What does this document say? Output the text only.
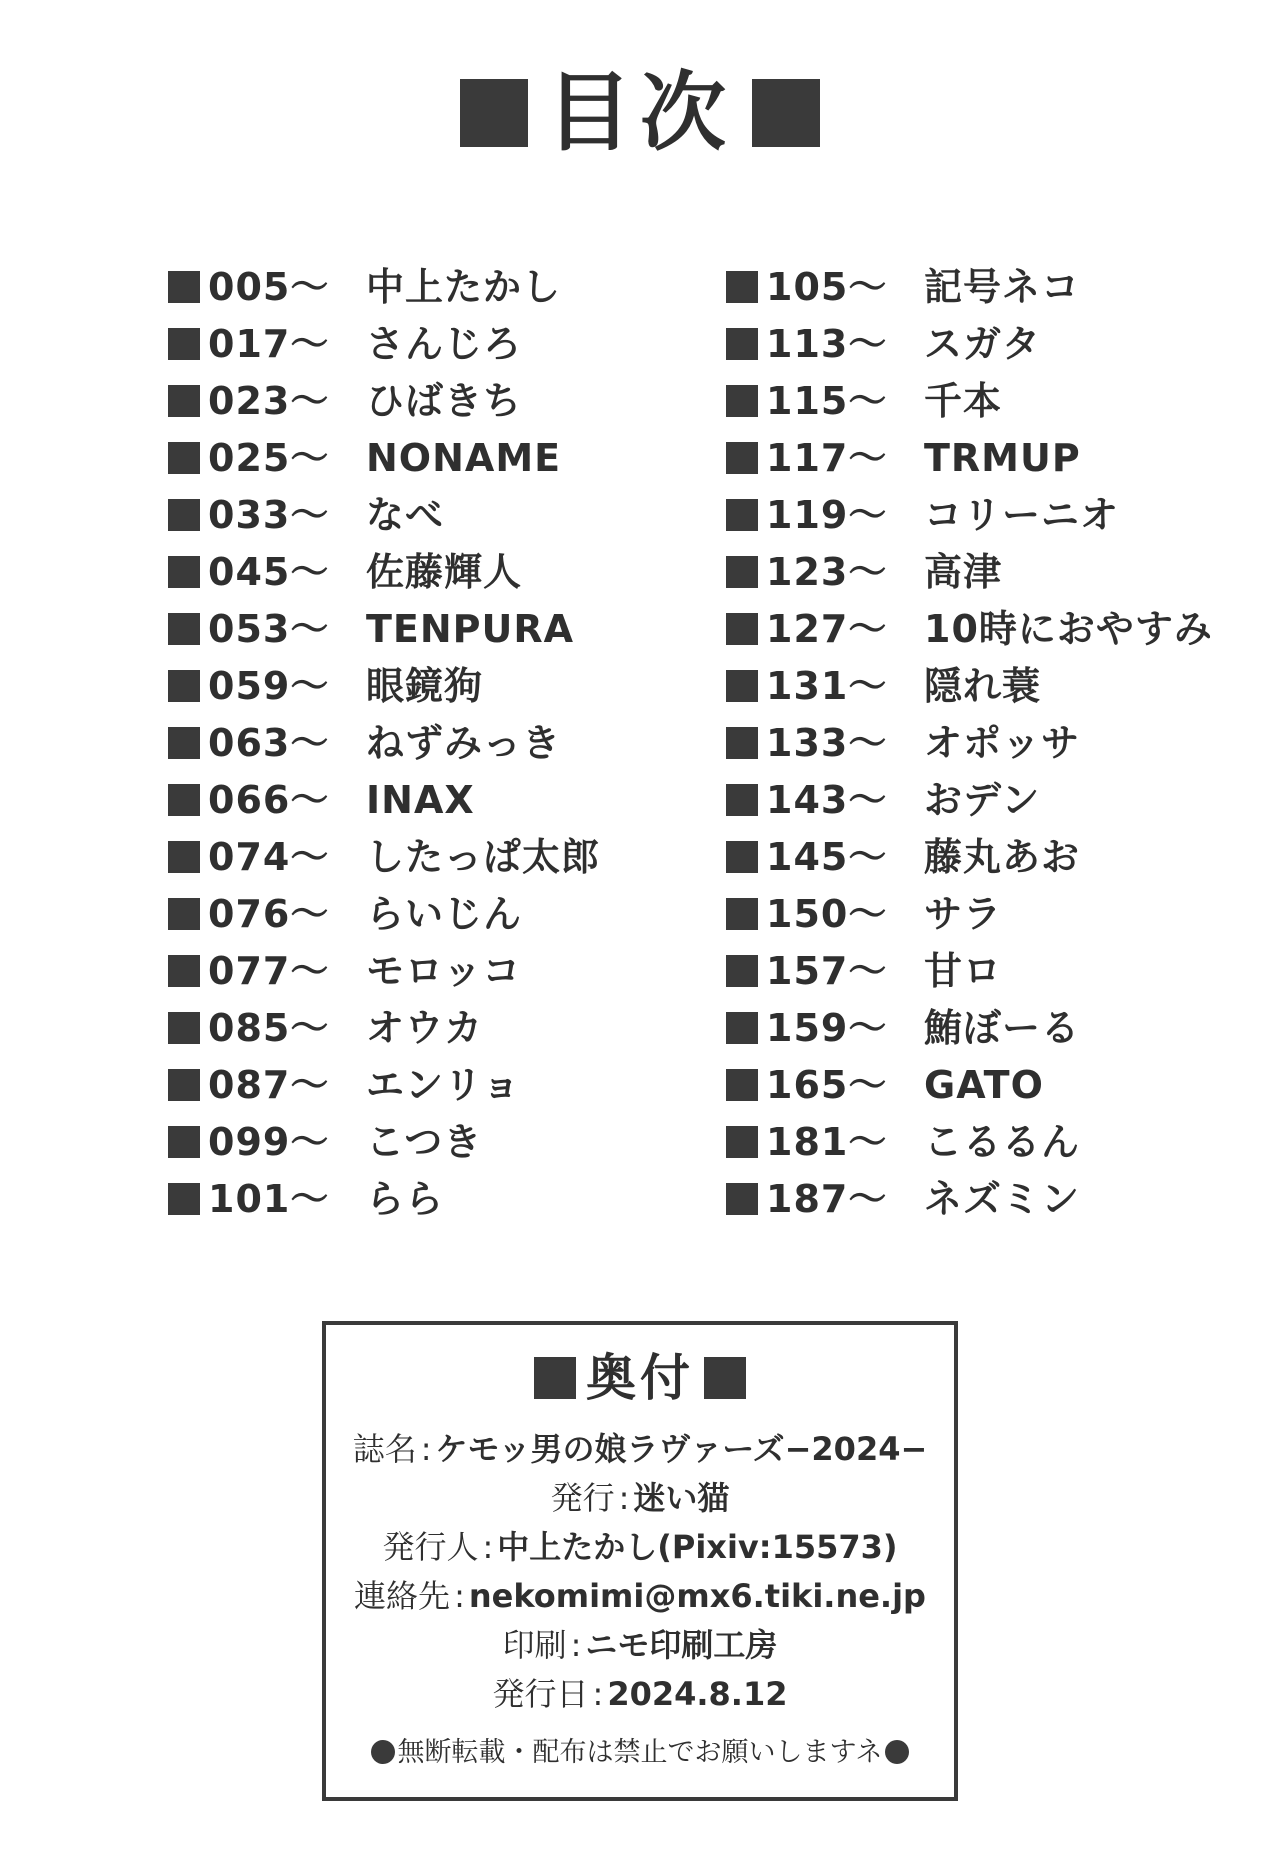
目次
005〜 中上たかし
017〜 さんじろ
023〜 ひばきち
025〜 NONAME
033〜 なべ
045〜 佐藤輝人
053〜 TENPURA
059〜 眼鏡狗
063〜 ねずみっき
066〜 INAX
074〜 したっぱ太郎
076〜 らいじん
077〜 モロッコ
085〜 オウカ
087〜 エンリョ
099〜 こつき
101〜 らら
105〜 記号ネコ
113〜 スガタ
115〜 千本
117〜 TRMUP
119〜 コリーニオ
123〜 高津
127〜 10時におやすみ
131〜 隠れ蓑
133〜 オポッサ
143〜 おデン
145〜 藤丸あお
150〜 サラ
157〜 甘ロ
159〜 鮪ぼーる
165〜 GATO
181〜 こるるん
187〜 ネズミン
奥付
誌名 : ケモッ男の娘ラヴァーズ−2024−
発行 : 迷い猫
発行人 : 中上たかし(Pixiv:15573)
連絡先 : nekomimi@mx6.tiki.ne.jp
印刷 : ニモ印刷工房
発行日 : 2024.8.12
無断転載・配布は禁止でお願いしますネ
